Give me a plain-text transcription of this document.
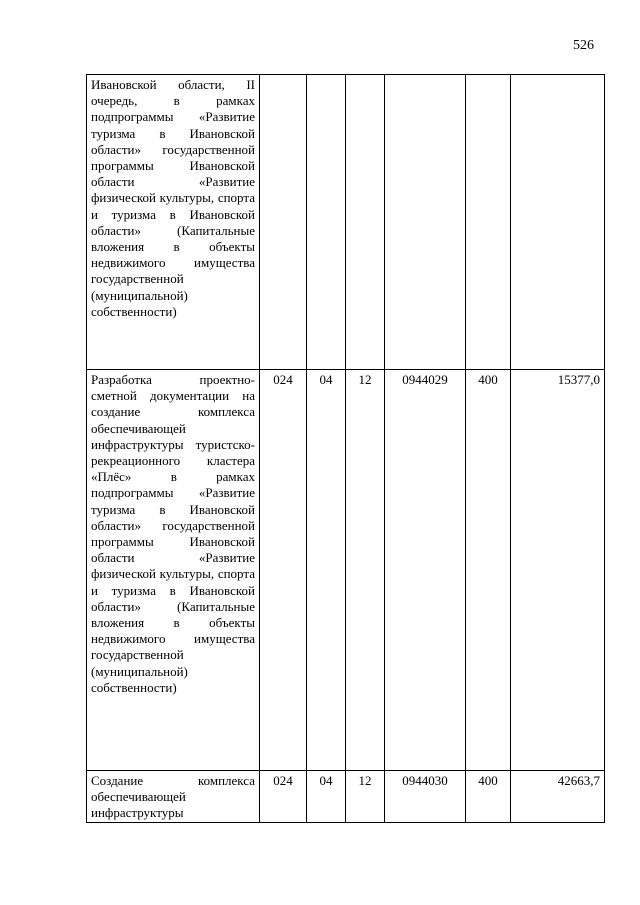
526
Ивановской области, II очередь, в рамках подпрограммы «Развитие туризма в Ивановской области» государственной программы Ивановской области «Развитие физической культуры, спорта и туризма в Ивановской области» (Капитальные вложения в объекты недвижимого имущества государственной (муниципальной) собственности)						
Разработка проектно-сметной документации на создание комплекса обеспечивающей инфраструктуры туристско-рекреационного кластера «Плёс» в рамках подпрограммы «Развитие туризма в Ивановской области» государственной программы Ивановской области «Развитие физической культуры, спорта и туризма в Ивановской области» (Капитальные вложения в объекты недвижимого имущества государственной (муниципальной) собственности)	024	04	12	0944029	400	15377,0
Создание комплекса обеспечивающей инфраструктуры	024	04	12	0944030	400	42663,7
